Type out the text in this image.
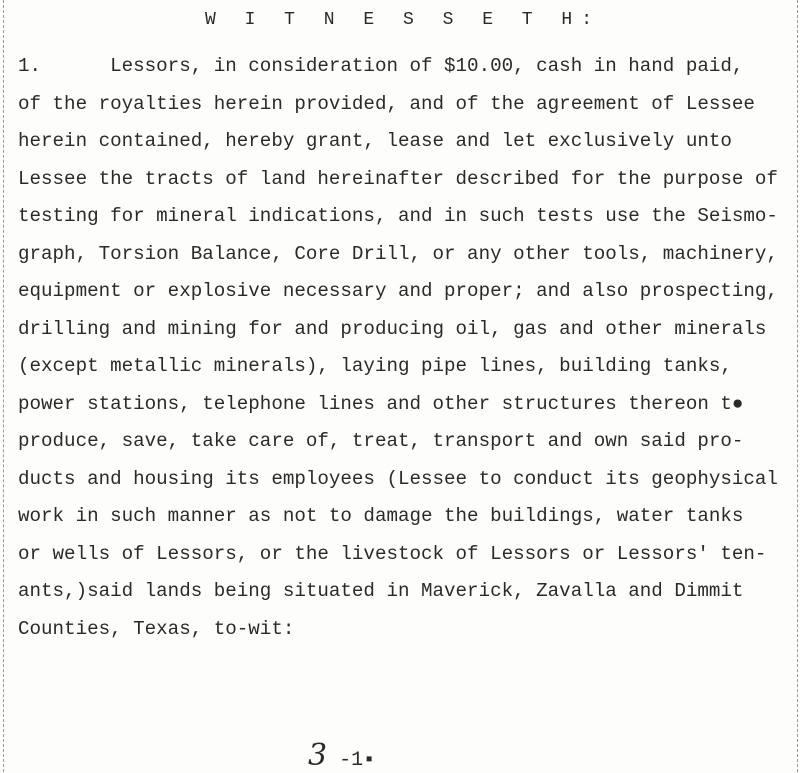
W I T N E S S E T H:
1.      Lessors, in consideration of $10.00, cash in hand paid,
of the royalties herein provided, and of the agreement of Lessee
herein contained, hereby grant, lease and let exclusively unto
Lessee the tracts of land hereinafter described for the purpose of
testing for mineral indications, and in such tests use the Seismo-
graph, Torsion Balance, Core Drill, or any other tools, machinery,
equipment or explosive necessary and proper; and also prospecting,
drilling and mining for and producing oil, gas and other minerals
(except metallic minerals), laying pipe lines, building tanks,
power stations, telephone lines and other structures thereon t●
produce, save, take care of, treat, transport and own said pro-
ducts and housing its employees (Lessee to conduct its geophysical
work in such manner as not to damage the buildings, water tanks
or wells of Lessors, or the livestock of Lessors or Lessors' ten-
ants,)said lands being situated in Maverick, Zavalla and Dimmit
Counties, Texas, to-wit:
3 -1▪
